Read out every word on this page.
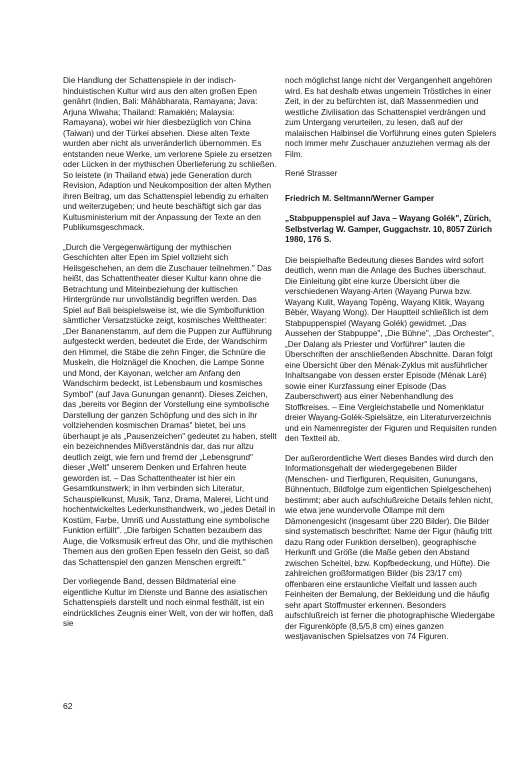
Die Handlung der Schattenspiele in der indisch-hinduistischen Kultur wird aus den alten großen Epen genährt (Indien, Bali: Māhābharata, Ramayana; Java: Arjuna Wiwaha; Thailand: Ramakién; Malaysia: Ramayana), wobei wir hier diesbezüglich von China (Taiwan) und der Türkei absehen. Diese alten Texte wurden aber nicht als unveränderlich übernommen. Es entstanden neue Werke, um verlorene Spiele zu ersetzen oder Lücken in der mythischen Überlieferung zu schließen. So leistete (in Thailand etwa) jede Generation durch Revision, Adaption und Neukomposition der alten Mythen ihren Beitrag, um das Schattenspiel lebendig zu erhalten und weiterzugeben; und heute beschäftigt sich gar das Kultusministerium mit der Anpassung der Texte an den Publikumsgeschmack.

„Durch die Vergegenwärtigung der mythischen Geschichten alter Epen im Spiel vollzieht sich Heilsgeschehen, an dem die Zuschauer teilnehmen." Das heißt, das Schattentheater dieser Kultur kann ohne die Betrachtung und Miteinbeziehung der kultischen Hintergründe nur unvollständig begriffen werden. Das Spiel auf Bali beispielsweise ist, wie die Symbolfunktion sämtlicher Versatzstücke zeigt, kosmisches Welttheater: „Der Bananenstamm, auf dem die Puppen zur Aufführung aufgesteckt werden, bedeutet die Erde, der Wandschirm den Himmel, die Stäbe die zehn Finger, die Schnüre die Muskeln, die Holznägel die Knochen, die Lampe Sonne und Mond, der Kayonan, welcher am Anfang den Wandschirm bedeckt, ist Lebensbaum und kosmisches Symbol" (auf Java Gunungan genannt). Dieses Zeichen, das „bereits vor Beginn der Vorstellung eine symbolische Darstellung der ganzen Schöpfung und des sich in ihr vollziehenden kosmischen Dramas" bietet, bei uns überhaupt je als „Pausenzeichen" gedeutet zu haben, stellt ein bezeichnendes Mißverständnis dar, das nur allzu deutlich zeigt, wie fern und fremd der „Lebensgrund" dieser „Welt" unserem Denken und Erfahren heute geworden ist. – Das Schattentheater ist hier ein Gesamtkunstwerk; in ihm verbinden sich Literatur, Schauspielkunst, Musik, Tanz, Drama, Malerei, Licht und hochentwickeltes Lederkunsthandwerk, wo „jedes Detail in Kostüm, Farbe, Umriß und Ausstattung eine symbolische Funktion erfüllt". „Die farbigen Schatten bezaubern das Auge, die Volksmusik erfreut das Ohr, und die mythischen Themen aus den großen Epen fesseln den Geist, so daß das Schattenspiel den ganzen Menschen ergreift."

Der vorliegende Band, dessen Bildmaterial eine eigentliche Kultur im Dienste und Banne des asiatischen Schattenspiels darstellt und noch einmal festhält, ist ein eindrückliches Zeugnis einer Welt, von der wir hoffen, daß sie

noch möglichst lange nicht der Vergangenheit angehören wird. Es hat deshalb etwas ungemein Tröstliches in einer Zeit, in der zu befürchten ist, daß Massenmedien und westliche Zivilisation das Schattenspiel verdrängen und zum Untergang verurteilen, zu lesen, daß auf der malaiischen Halbinsel die Vorführung eines guten Spielers noch immer mehr Zuschauer anzuziehen vermag als der Film.

René Strasser

Friedrich M. Seltmann/Werner Gamper

„Stabpuppenspiel auf Java – Wayang Golék", Zürich, Selbstverlag W. Gamper, Guggachstr. 10, 8057 Zürich 1980, 176 S.

Die beispielhafte Bedeutung dieses Bandes wird sofort deutlich, wenn man die Anlage des Buches überschaut. Die Einleitung gibt eine kurze Übersicht über die verschiedenen Wayang-Arten (Wayang Purwa bzw. Wayang Kulit, Wayang Topèng, Wayang Klitik, Wayang Bèbèr, Wayang Wong). Der Hauptteil schließlich ist dem Stabpuppenspiel (Wayang Golék) gewidmet. „Das Aussehen der Stabpuppe", „Die Bühne", „Das Orchester", „Der Dalang als Priester und Vorführer" lauten die Überschriften der anschließenden Abschnitte. Daran folgt eine Übersicht über den Ménak-Zyklus mit ausführlicher Inhaltsangabe von dessen erster Episode (Ménak Laré) sowie einer Kurzfassung einer Episode (Das Zauberschwert) aus einer Nebenhandlung des Stoffkreises. – Eine Vergleichstabelle und Nomenklatur dreier Wayang-Golék-Spielsätze, ein Literaturverzeichnis und ein Namenregister der Figuren und Requisiten runden den Textteil ab.

Der außerordentliche Wert dieses Bandes wird durch den Informationsgehalt der wiedergegebenen Bilder (Menschen- und Tierfiguren, Requisiten, Gunungans, Bühnentuch, Bildfolge zum eigentlichen Spielgeschehen) bestimmt; aber auch aufschlußreiche Details fehlen nicht, wie etwa jene wundervolle Öllampe mit dem Dämonengesicht (insgesamt über 220 Bilder). Die Bilder sind systematisch beschriftet: Name der Figur (häufig tritt dazu Rang oder Funktion derselben), geographische Herkunft und Größe (die Maße geben den Abstand zwischen Scheitel, bzw. Kopfbedeckung, und Hüfte). Die zahlreichen großformatigen Bilder (bis 23/17 cm) offenbaren eine erstaunliche Vielfalt und lassen auch Feinheiten der Bemalung, der Bekleidung und die häufig sehr apart Stoffmuster erkennen. Besonders aufschlußreich ist ferner die photographische Wiedergabe der Figurenköpfe (8,5/5,8 cm) eines ganzen westjavanischen Spielsatzes von 74 Figuren.

62
